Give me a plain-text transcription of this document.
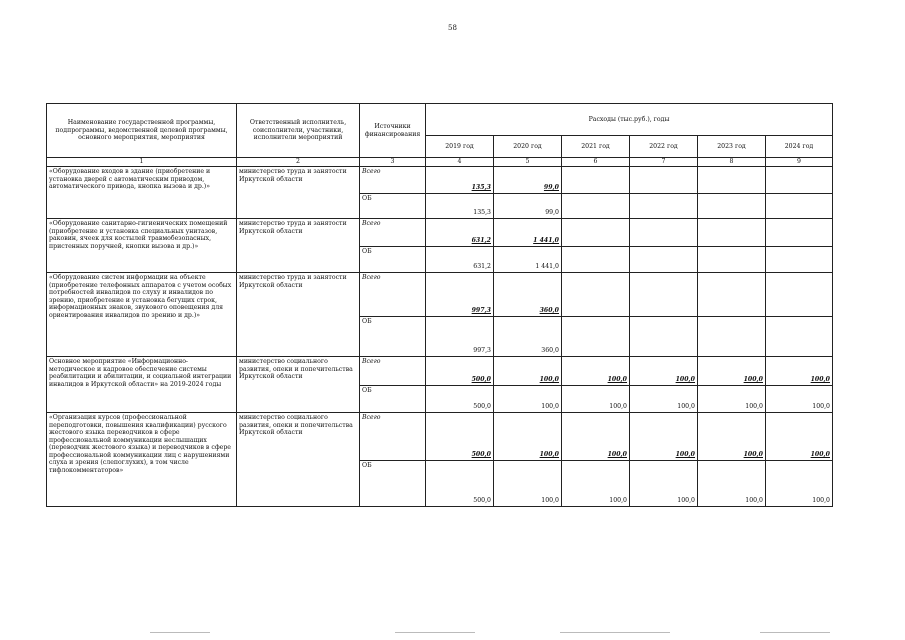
58
Наименование государственной программы, подпрограммы, ведомственной целевой программы, основного мероприятия, мероприятия	Ответственный исполнитель, соисполнители, участники, исполнители мероприятий	Источники финансирования	Расходы (тыс.руб.), годы					
			2019 год	2020 год	2021 год	2022 год	2023 год	2024 год
1	2	3	4	5	6	7	8	9
«Оборудование входов в здание (приобретение и установка дверей с автоматическим приводом, автоматического привода, кнопка вызова и др.)»	министерство труда и занятости Иркутской области	Всего	135,3	99,0				
		ОБ	135,3	99,0				
«Оборудование санитарно-гигиенических помещений (приобретение и установка специальных унитазов, раковин, ячеек для костылей травмобезопасных, пристенных поручней, кнопки вызова и др.)»	министерство труда и занятости Иркутской области	Всего	631,2	1 441,0				
		ОБ	631,2	1 441,0				
«Оборудование систем информации на объекте (приобретение телефонных аппаратов с учетом особых потребностей инвалидов по слуху и инвалидов по зрению, приобретение и установка бегущих строк, информационных знаков, звукового оповещения для ориентирования инвалидов по зрению и др.)»	министерство труда и занятости Иркутской области	Всего	997,3	360,0				
		ОБ	997,3	360,0				
Основное мероприятие «Информационно-методическое и кадровое обеспечение системы реабилитации и абилитации, и социальной интеграции инвалидов в Иркутской области» на 2019-2024 годы	министерство социального развития, опеки и попечительства Иркутской области	Всего	500,0	100,0	100,0	100,0	100,0	100,0
		ОБ	500,0	100,0	100,0	100,0	100,0	100,0
«Организация курсов (профессиональной переподготовки, повышения квалификации) русского жестового языка переводчиков в сфере профессиональной коммуникации неслышащих (переводчик жестового языка) и переводчиков в сфере профессиональной коммуникации лиц с нарушениями слуха и зрения (слепоглухих), в том числе тифлокомментаторов»	министерство социального развития, опеки и попечительства Иркутской области	Всего	500,0	100,0	100,0	100,0	100,0	100,0
		ОБ	500,0	100,0	100,0	100,0	100,0	100,0
